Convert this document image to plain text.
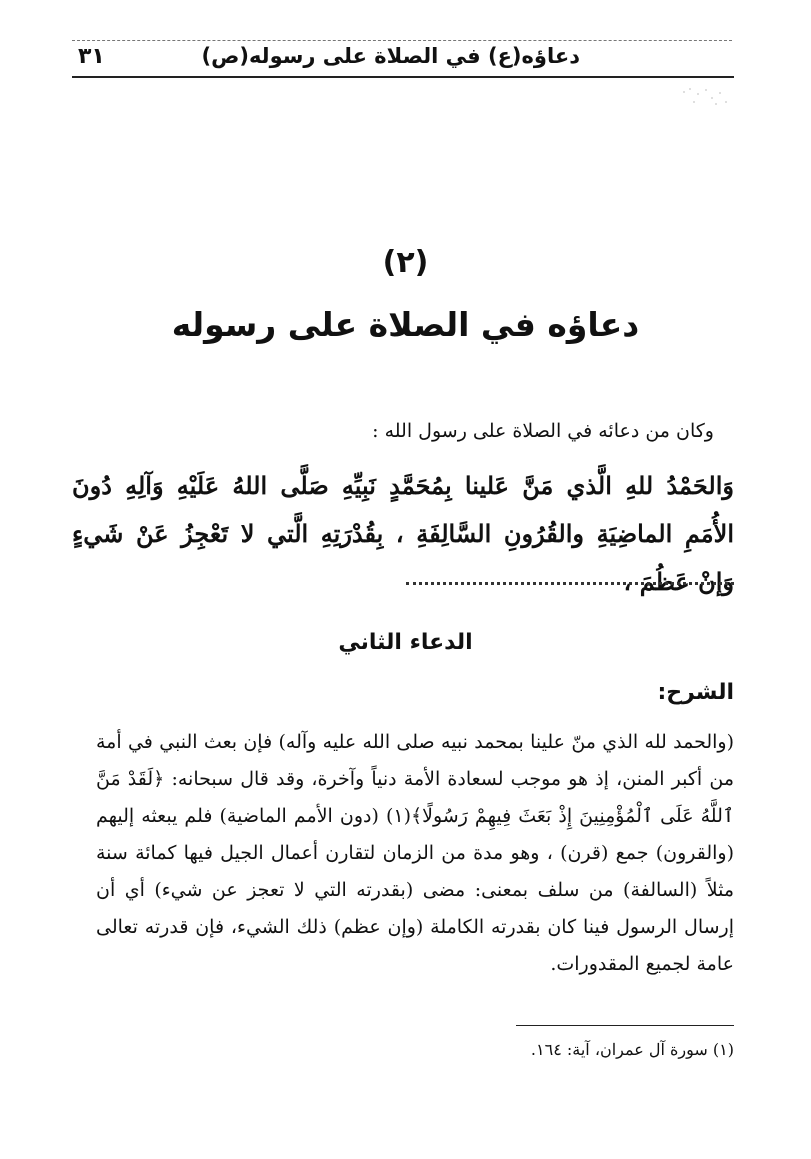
دعاؤه(ع) في الصلاة على رسوله(ص)
٣١
(٢)
دعاؤه في الصلاة على رسوله
وكان من دعائه في الصلاة على رسول الله :
وَالحَمْدُ للهِ الَّذي مَنَّ عَلينا بِمُحَمَّدٍ نَبِيِّهِ صَلَّى اللهُ عَلَيْهِ وَآلِهِ دُونَ الأُمَمِ الماضِيَةِ والقُرُونِ السَّالِفَةِ ، بِقُدْرَتِهِ الَّتي لا تَعْجِزُ عَنْ شَيءٍ وَإنْ عَظُمَ ،
الدعاء الثاني
الشرح:
(والحمد لله الذي منّ علينا بمحمد نبيه صلى الله عليه وآله) فإن بعث النبي في أمة من أكبر المنن، إذ هو موجب لسعادة الأمة دنياً وآخرة، وقد قال سبحانه: ﴿لَقَدْ مَنَّ ٱللَّهُ عَلَى ٱلْمُؤْمِنِينَ إِذْ بَعَثَ فِيهِمْ رَسُولًا﴾(١) (دون الأمم الماضية) فلم يبعثه إليهم (والقرون) جمع (قرن) ، وهو مدة من الزمان لتقارن أعمال الجيل فيها كمائة سنة مثلاً (السالفة) من سلف بمعنى: مضى (بقدرته التي لا تعجز عن شيء) أي أن إرسال الرسول فينا كان بقدرته الكاملة (وإن عظم) ذلك الشيء، فإن قدرته تعالى عامة لجميع المقدورات.
(١) سورة آل عمران، آية: ١٦٤.
